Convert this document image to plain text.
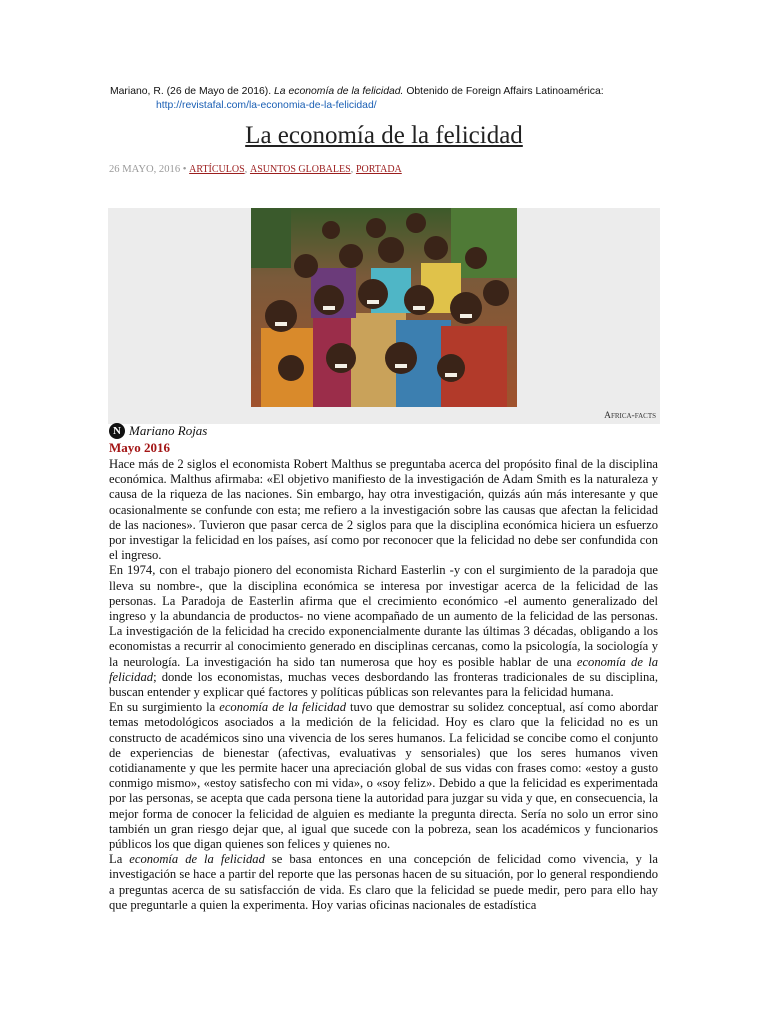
Mariano, R. (26 de Mayo de 2016). La economía de la felicidad. Obtenido de Foreign Affairs Latinoamérica:
http://revistafal.com/la-economia-de-la-felicidad/
La economía de la felicidad
26 MAYO, 2016 • ARTÍCULOS, ASUNTOS GLOBALES, PORTADA
Africa-facts
N Mariano Rojas
Mayo 2016

Hace más de 2 siglos el economista Robert Malthus se preguntaba acerca del propósito final de la disciplina económica. Malthus afirmaba: «El objetivo manifiesto de la investigación de Adam Smith es la naturaleza y causa de la riqueza de las naciones. Sin embargo, hay otra investigación, quizás aún más interesante y que ocasionalmente se confunde con esta; me refiero a la investigación sobre las causas que afectan la felicidad de las naciones». Tuvieron que pasar cerca de 2 siglos para que la disciplina económica hiciera un esfuerzo por investigar la felicidad en los países, así como por reconocer que la felicidad no debe ser confundida con el ingreso.

En 1974, con el trabajo pionero del economista Richard Easterlin -y con el surgimiento de la paradoja que lleva su nombre-, que la disciplina económica se interesa por investigar acerca de la felicidad de las personas. La Paradoja de Easterlin afirma que el crecimiento económico -el aumento generalizado del ingreso y la abundancia de productos- no viene acompañado de un aumento de la felicidad de las personas. La investigación de la felicidad ha crecido exponencialmente durante las últimas 3 décadas, obligando a los economistas a recurrir al conocimiento generado en disciplinas cercanas, como la psicología, la sociología y la neurología. La investigación ha sido tan numerosa que hoy es posible hablar de una economía de la felicidad; donde los economistas, muchas veces desbordando las fronteras tradicionales de su disciplina, buscan entender y explicar qué factores y políticas públicas son relevantes para la felicidad humana.

En su surgimiento la economía de la felicidad tuvo que demostrar su solidez conceptual, así como abordar temas metodológicos asociados a la medición de la felicidad. Hoy es claro que la felicidad no es un constructo de académicos sino una vivencia de los seres humanos. La felicidad se concibe como el conjunto de experiencias de bienestar (afectivas, evaluativas y sensoriales) que los seres humanos viven cotidianamente y que les permite hacer una apreciación global de sus vidas con frases como: «estoy a gusto conmigo mismo», «estoy satisfecho con mi vida», o «soy feliz». Debido a que la felicidad es experimentada por las personas, se acepta que cada persona tiene la autoridad para juzgar su vida y que, en consecuencia, la mejor forma de conocer la felicidad de alguien es mediante la pregunta directa. Sería no solo un error sino también un gran riesgo dejar que, al igual que sucede con la pobreza, sean los académicos y funcionarios públicos los que digan quienes son felices y quienes no.

La economía de la felicidad se basa entonces en una concepción de felicidad como vivencia, y la investigación se hace a partir del reporte que las personas hacen de su situación, por lo general respondiendo a preguntas acerca de su satisfacción de vida. Es claro que la felicidad se puede medir, pero para ello hay que preguntarle a quien la experimenta. Hoy varias oficinas nacionales de estadística
